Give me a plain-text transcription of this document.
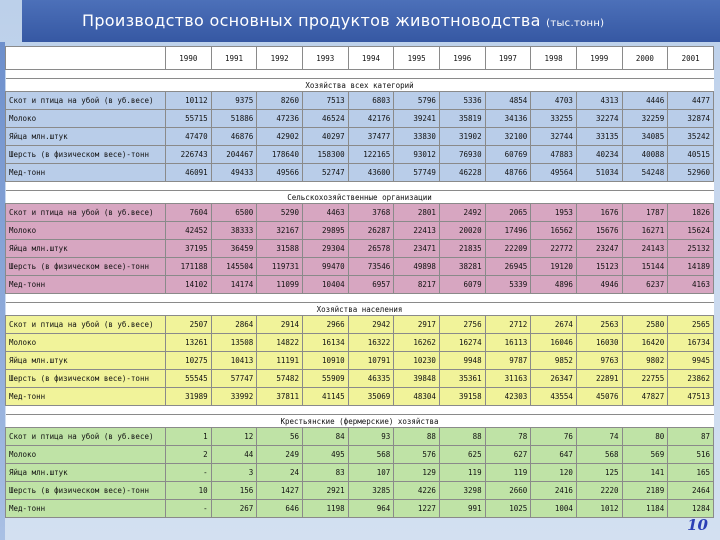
Производство основных продуктов животноводства (тыс.тонн)
	1990	1991	1992	1993	1994	1995	1996	1997	1998	1999	2000	2001

Хозяйства всех категорий												
Скот и птица на убой (в уб.весе)	10112	9375	8260	7513	6803	5796	5336	4854	4703	4313	4446	4477
Молоко	55715	51886	47236	46524	42176	39241	35819	34136	33255	32274	32259	32874
Яйца млн.штук	47470	46876	42902	40297	37477	33830	31902	32100	32744	33135	34085	35242
Шерсть (в физическом весе)-тонн	226743	204467	178640	158300	122165	93012	76930	60769	47883	40234	40088	40515
Мед-тонн	46091	49433	49566	52747	43600	57749	46228	48766	49564	51034	54248	52960

Сельскохозяйственные организации												
Скот и птица на убой (в уб.весе)	7604	6500	5290	4463	3768	2801	2492	2065	1953	1676	1787	1826
Молоко	42452	38333	32167	29895	26287	22413	20020	17496	16562	15676	16271	15624
Яйца млн.штук	37195	36459	31588	29304	26578	23471	21835	22209	22772	23247	24143	25132
Шерсть (в физическом весе)-тонн	171188	145504	119731	99470	73546	49898	38281	26945	19120	15123	15144	14189
Мед-тонн	14102	14174	11099	10404	6957	8217	6079	5339	4896	4946	6237	4163

Хозяйства населения												
Скот и птица на убой (в уб.весе)	2507	2864	2914	2966	2942	2917	2756	2712	2674	2563	2580	2565
Молоко	13261	13508	14822	16134	16322	16262	16274	16113	16046	16030	16420	16734
Яйца млн.штук	10275	10413	11191	10910	10791	10230	9948	9787	9852	9763	9802	9945
Шерсть (в физическом весе)-тонн	55545	57747	57482	55909	46335	39848	35361	31163	26347	22891	22755	23862
Мед-тонн	31989	33992	37811	41145	35069	48304	39158	42303	43554	45076	47827	47513

Крестьянские (фермерские) хозяйства												
Скот и птица на убой (в уб.весе)	1	12	56	84	93	88	88	78	76	74	80	87
Молоко	2	44	249	495	568	576	625	627	647	568	569	516
Яйца млн.штук	-	3	24	83	107	129	119	119	120	125	141	165
Шерсть (в физическом весе)-тонн	10	156	1427	2921	3285	4226	3298	2660	2416	2220	2189	2464
Мед-тонн	-	267	646	1198	964	1227	991	1025	1004	1012	1184	1284
10
